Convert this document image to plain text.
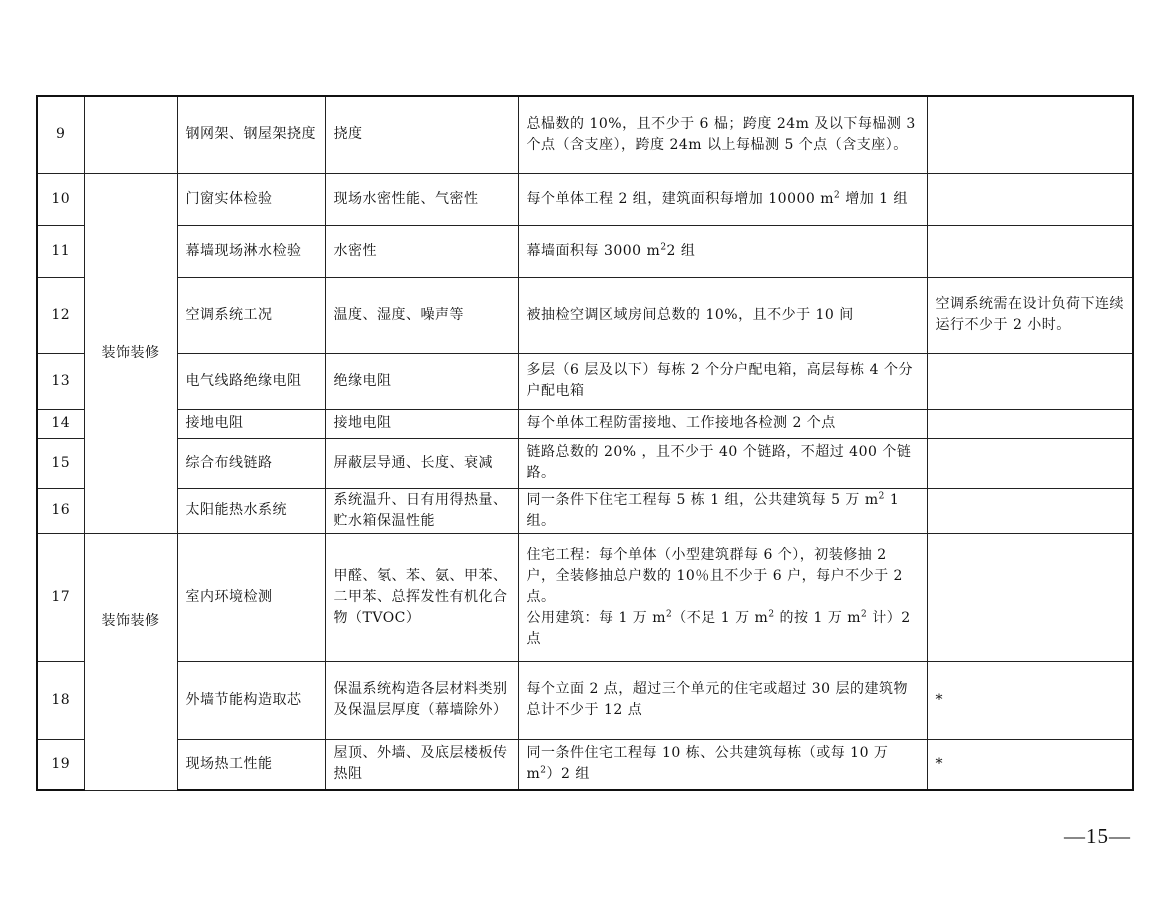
9		钢网架、钢屋架挠度	挠度	总榀数的 10%，且不少于 6 榀；跨度 24m 及以下每榀测 3 个点（含支座），跨度 24m 以上每榀测 5 个点（含支座）。	
10	装饰装修	门窗实体检验	现场水密性能、气密性	每个单体工程 2 组，建筑面积每增加 10000 $m^2$ 增加 1 组	
11		幕墙现场淋水检验	水密性	幕墙面积每 3000 $m^22$ 组	
12		空调系统工况	温度、湿度、噪声等	被抽检空调区域房间总数的 10%，且不少于 10 间	空调系统需在设计负荷下连续运行不少于 2 小时。
13		电气线路绝缘电阻	绝缘电阻	多层（6 层及以下）每栋 2 个分户配电箱，高层每栋 4 个分户配电箱	
14		接地电阻	接地电阻	每个单体工程防雷接地、工作接地各检测 2 个点	
15		综合布线链路	屏蔽层导通、长度、衰减	链路总数的 20% ，且不少于 40 个链路，不超过 400 个链路。	
16		太阳能热水系统	系统温升、日有用得热量、贮水箱保温性能	同一条件下住宅工程每 5 栋 1 组，公共建筑每 5 万 $m^2$ 1 组。	
17	装饰装修	室内环境检测	甲醛、氡、苯、氨、甲苯、二甲苯、总挥发性有机化合物（TVOC）	住宅工程：每个单体（小型建筑群每 6 个），初装修抽 2 户，全装修抽总户数的 10％且不少于 6 户，每户不少于 2 点。
公用建筑：每 1 万 $m^2$（不足 1 万 $m^2$ 的按 1 万 $m^2$ 计）2 点	

18		外墙节能构造取芯	保温系统构造各层材料类别及保温层厚度（幕墙除外）	每个立面 2 点，超过三个单元的住宅或超过 30 层的建筑物总计不少于 12 点	*
19		现场热工性能	屋顶、外墙、及底层楼板传热阻	同一条件住宅工程每 10 栋、公共建筑每栋（或每 10 万 $m^2)2$ 组	*
—15—
